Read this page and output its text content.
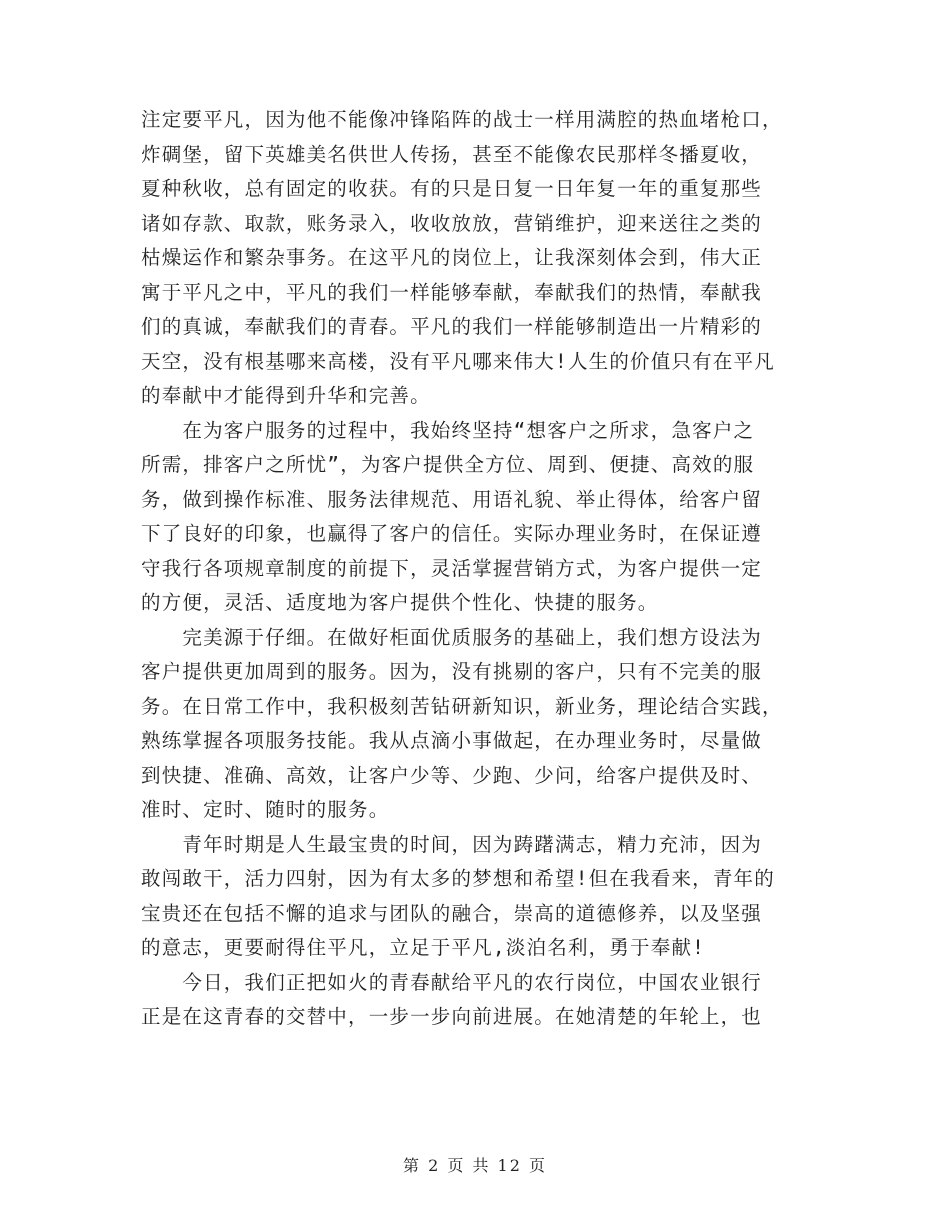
注定要平凡，因为他不能像冲锋陷阵的战士一样用满腔的热血堵枪口，
炸碉堡，留下英雄美名供世人传扬，甚至不能像农民那样冬播夏收，
夏种秋收，总有固定的收获。有的只是日复一日年复一年的重复那些
诸如存款、取款，账务录入，收收放放，营销维护，迎来送往之类的
枯燥运作和繁杂事务。在这平凡的岗位上，让我深刻体会到，伟大正
寓于平凡之中，平凡的我们一样能够奉献，奉献我们的热情，奉献我
们的真诚，奉献我们的青春。平凡的我们一样能够制造出一片精彩的
天空，没有根基哪来高楼，没有平凡哪来伟大!人生的价值只有在平凡
的奉献中才能得到升华和完善。
　　在为客户服务的过程中，我始终坚持“想客户之所求，急客户之
所需，排客户之所忧”，为客户提供全方位、周到、便捷、高效的服
务，做到操作标准、服务法律规范、用语礼貌、举止得体，给客户留
下了良好的印象，也赢得了客户的信任。实际办理业务时，在保证遵
守我行各项规章制度的前提下，灵活掌握营销方式，为客户提供一定
的方便，灵活、适度地为客户提供个性化、快捷的服务。
　　完美源于仔细。在做好柜面优质服务的基础上，我们想方设法为
客户提供更加周到的服务。因为，没有挑剔的客户，只有不完美的服
务。在日常工作中，我积极刻苦钻研新知识，新业务，理论结合实践，
熟练掌握各项服务技能。我从点滴小事做起，在办理业务时，尽量做
到快捷、准确、高效，让客户少等、少跑、少问，给客户提供及时、
准时、定时、随时的服务。
　　青年时期是人生最宝贵的时间，因为踌躇满志，精力充沛，因为
敢闯敢干，活力四射，因为有太多的梦想和希望!但在我看来，青年的
宝贵还在包括不懈的追求与团队的融合，崇高的道德修养，以及坚强
的意志，更要耐得住平凡，立足于平凡,淡泊名利，勇于奉献!
　　今日，我们正把如火的青春献给平凡的农行岗位，中国农业银行
正是在这青春的交替中，一步一步向前进展。在她清楚的年轮上，也
第 2 页 共 12 页
